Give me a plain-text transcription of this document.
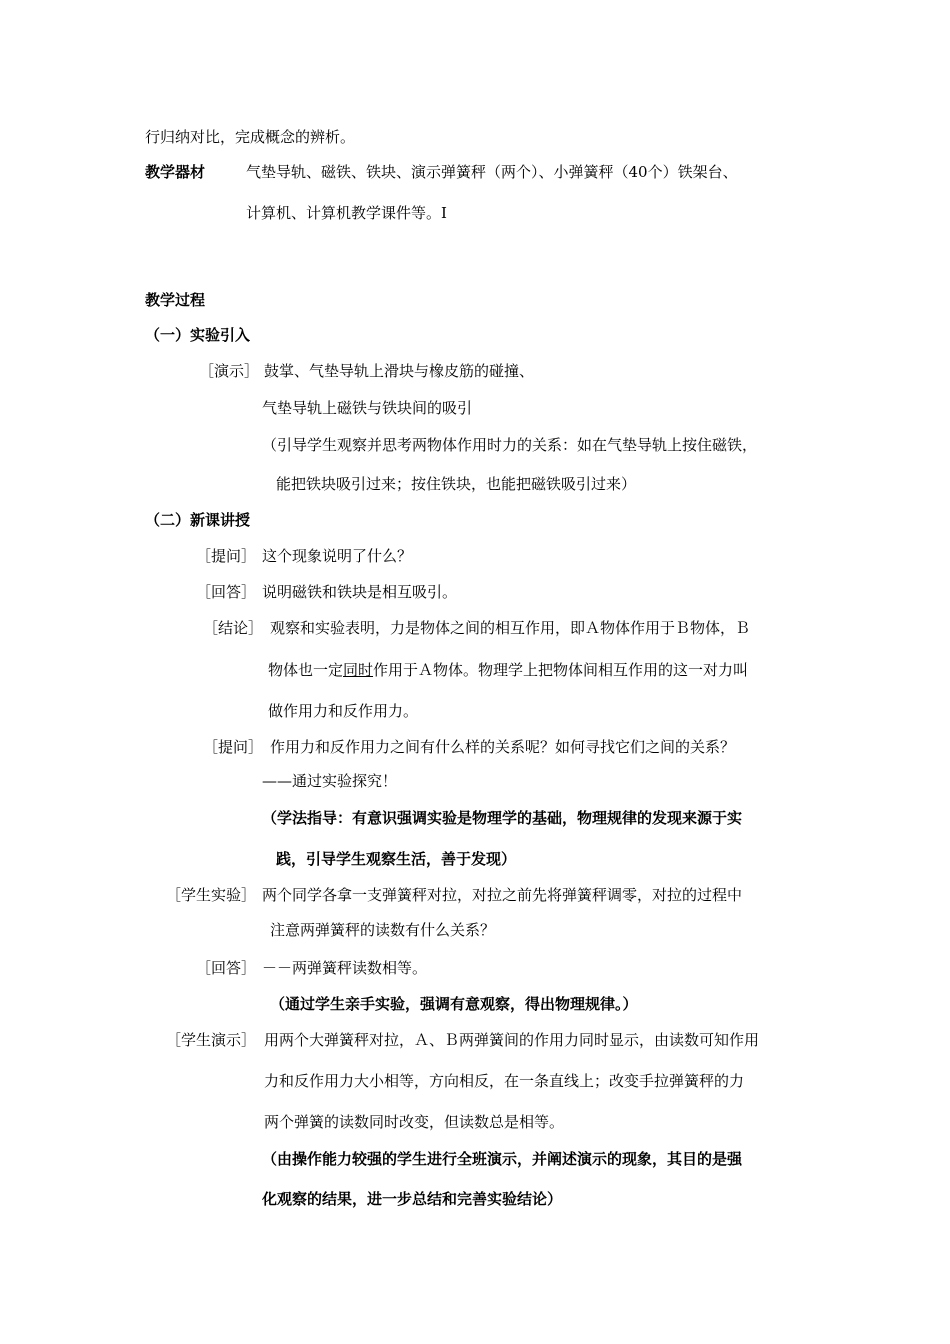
行归纳对比，完成概念的辨析。
教学器材	气垫导轨、磁铁、铁块、演示弹簧秤（两个）、小弹簧秤（40个）铁架台、
计算机、计算机教学课件等。I
教学过程
（一）实验引入
［演示］ 鼓掌、气垫导轨上滑块与橡皮筋的碰撞、
气垫导轨上磁铁与铁块间的吸引
（引导学生观察并思考两物体作用时力的关系：如在气垫导轨上按住磁铁，
能把铁块吸引过来；按住铁块，也能把磁铁吸引过来）
（二）新课讲授
［提问］ 这个现象说明了什么？
［回答］ 说明磁铁和铁块是相互吸引。
［结论］ 观察和实验表明，力是物体之间的相互作用，即Ａ物体作用于Ｂ物体，Ｂ
物体也一定同时作用于Ａ物体。物理学上把物体间相互作用的这一对力叫
做作用力和反作用力。
［提问］ 作用力和反作用力之间有什么样的关系呢？如何寻找它们之间的关系？
——通过实验探究！
（学法指导：有意识强调实验是物理学的基础，物理规律的发现来源于实
践，引导学生观察生活，善于发现）
［学生实验］ 两个同学各拿一支弹簧秤对拉，对拉之前先将弹簧秤调零，对拉的过程中
注意两弹簧秤的读数有什么关系？
［回答］ －－两弹簧秤读数相等。
（通过学生亲手实验，强调有意观察，得出物理规律。）
［学生演示］ 用两个大弹簧秤对拉，Ａ、Ｂ两弹簧间的作用力同时显示，由读数可知作用
力和反作用力大小相等，方向相反，在一条直线上；改变手拉弹簧秤的力
两个弹簧的读数同时改变，但读数总是相等。
（由操作能力较强的学生进行全班演示，并阐述演示的现象，其目的是强
化观察的结果，进一步总结和完善实验结论）
